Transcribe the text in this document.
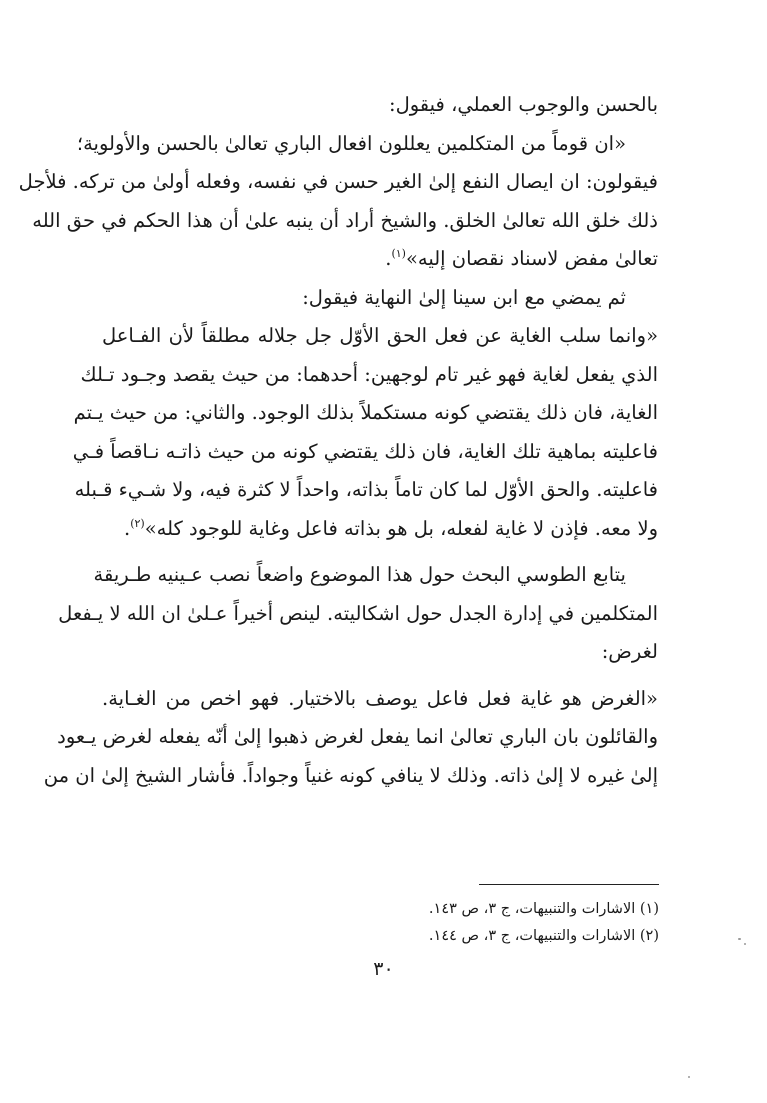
بالحسن والوجوب العملي، فيقول:
«ان قوماً من المتكلمين يعللون افعال الباري تعالىٰ بالحسن والأولوية؛
فيقولون: ان ايصال النفع إلىٰ الغير حسن في نفسه، وفعله أولىٰ من تركه. فلأجل
ذلك خلق الله تعالىٰ الخلق. والشيخ أراد أن ينبه علىٰ أن هذا الحكم في حق الله
تعالىٰ مفض لاسناد نقصان إليه»$^{(١)}$.
ثم يمضي مع ابن سينا إلىٰ النهاية فيقول:
«وانما سلب الغاية عن فعل الحق الأوّل جل جلاله مطلقاً لأن الفـاعل
الذي يفعل لغاية فهو غير تام لوجهين: أحدهما: من حيث يقصد وجـود تـلك
الغاية، فان ذلك يقتضي كونه مستكملاً بذلك الوجود. والثاني: من حيث يـتم
فاعليته بماهية تلك الغاية، فان ذلك يقتضي كونه من حيث ذاتـه نـاقصاً فـي
فاعليته. والحق الأوّل لما كان تاماً بذاته، واحداً لا كثرة فيه، ولا شـيء قـبله
ولا معه. فإذن لا غاية لفعله، بل هو بذاته فاعل وغاية للوجود كله»$^{(٢)}$.
يتابع الطوسي البحث حول هذا الموضوع واضعاً نصب عـينيه طـريقة
المتكلمين في إدارة الجدل حول اشكاليته. لينص أخيراً عـلىٰ ان الله لا يـفعل
لغرض:
«الغرض هو غاية فعل فاعل يوصف بالاختيار. فهو اخص من الغـاية.
والقائلون بان الباري تعالىٰ انما يفعل لغرض ذهبوا إلىٰ أنّه يفعله لغرض يـعود
إلىٰ غيره لا إلىٰ ذاته. وذلك لا ينافي كونه غنياً وجواداً. فأشار الشيخ إلىٰ ان من
(١) الاشارات والتنبيهات، ج ٣، ص ١٤٣.
(٢) الاشارات والتنبيهات، ج ٣، ص ١٤٤.
٣٠
